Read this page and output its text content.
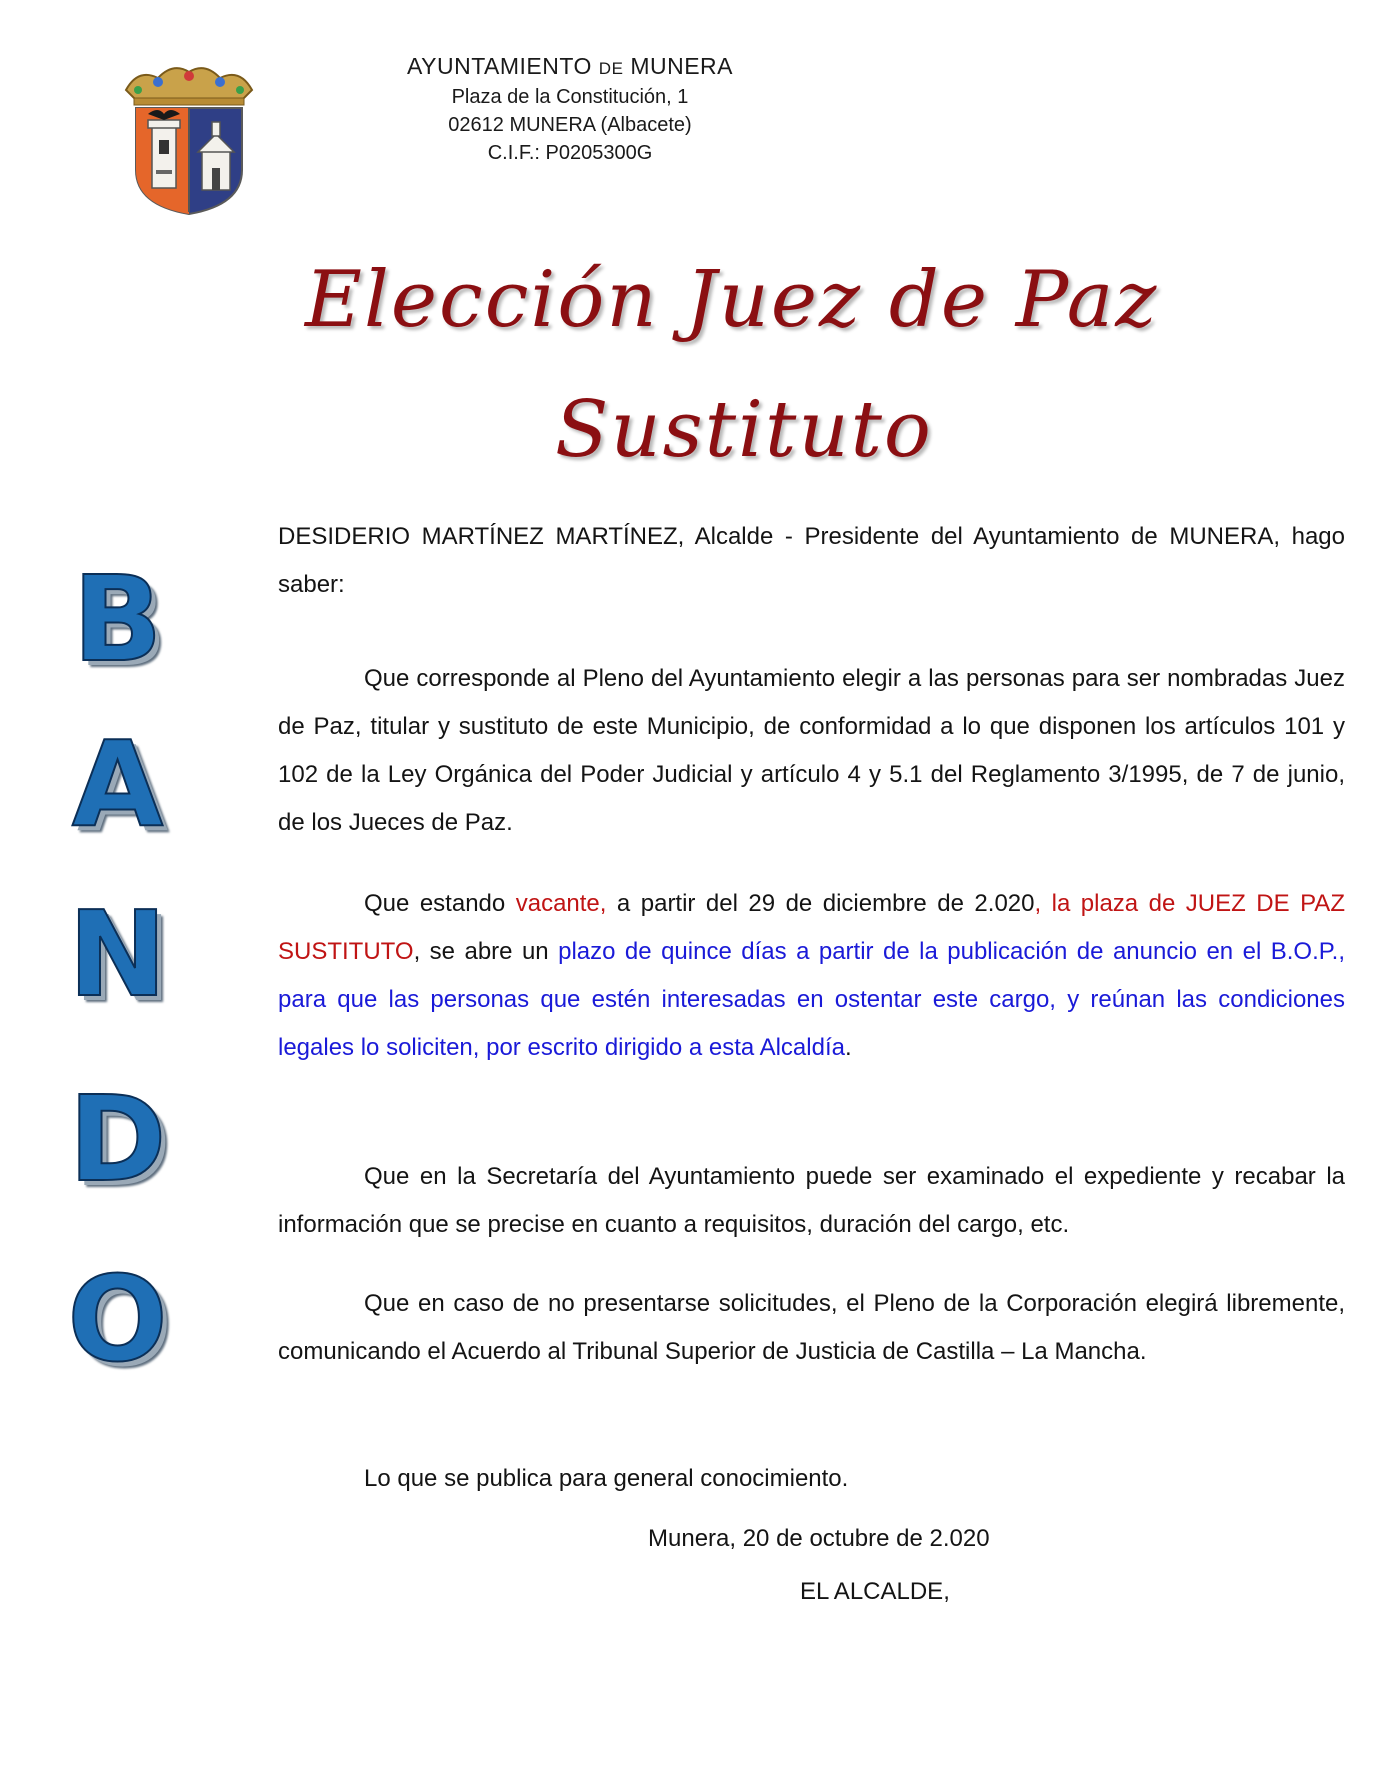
AYUNTAMIENTO DE MUNERA
Plaza de la Constitución, 1
02612 MUNERA (Albacete)
C.I.F.: P0205300G
Elección Juez de Paz
Sustituto
B
A
N
D
O

DESIDERIO MARTÍNEZ MARTÍNEZ, Alcalde - Presidente del Ayuntamiento de MUNERA, hago saber:

Que corresponde al Pleno del Ayuntamiento elegir a las personas para ser nombradas Juez de Paz, titular y sustituto de este Municipio, de conformidad a lo que disponen los artículos 101 y 102 de la Ley Orgánica del Poder Judicial y artículo 4 y 5.1 del Reglamento 3/1995, de 7 de junio, de los Jueces de Paz.

Que estando vacante, a partir del 29 de diciembre de 2.020, la plaza de JUEZ DE PAZ SUSTITUTO, se abre un plazo de quince días a partir de la publicación de anuncio en el B.O.P., para que las personas que estén interesadas en ostentar este cargo, y reúnan las condiciones legales lo soliciten, por escrito dirigido a esta Alcaldía.

Que en la Secretaría del Ayuntamiento puede ser examinado el expediente y recabar la información que se precise en cuanto a requisitos, duración del cargo, etc.

Que en caso de no presentarse solicitudes, el Pleno de la Corporación elegirá libremente, comunicando el Acuerdo al Tribunal Superior de Justicia de Castilla – La Mancha.

Lo que se publica para general conocimiento.

Munera, 20 de octubre de 2.020
EL ALCALDE,
